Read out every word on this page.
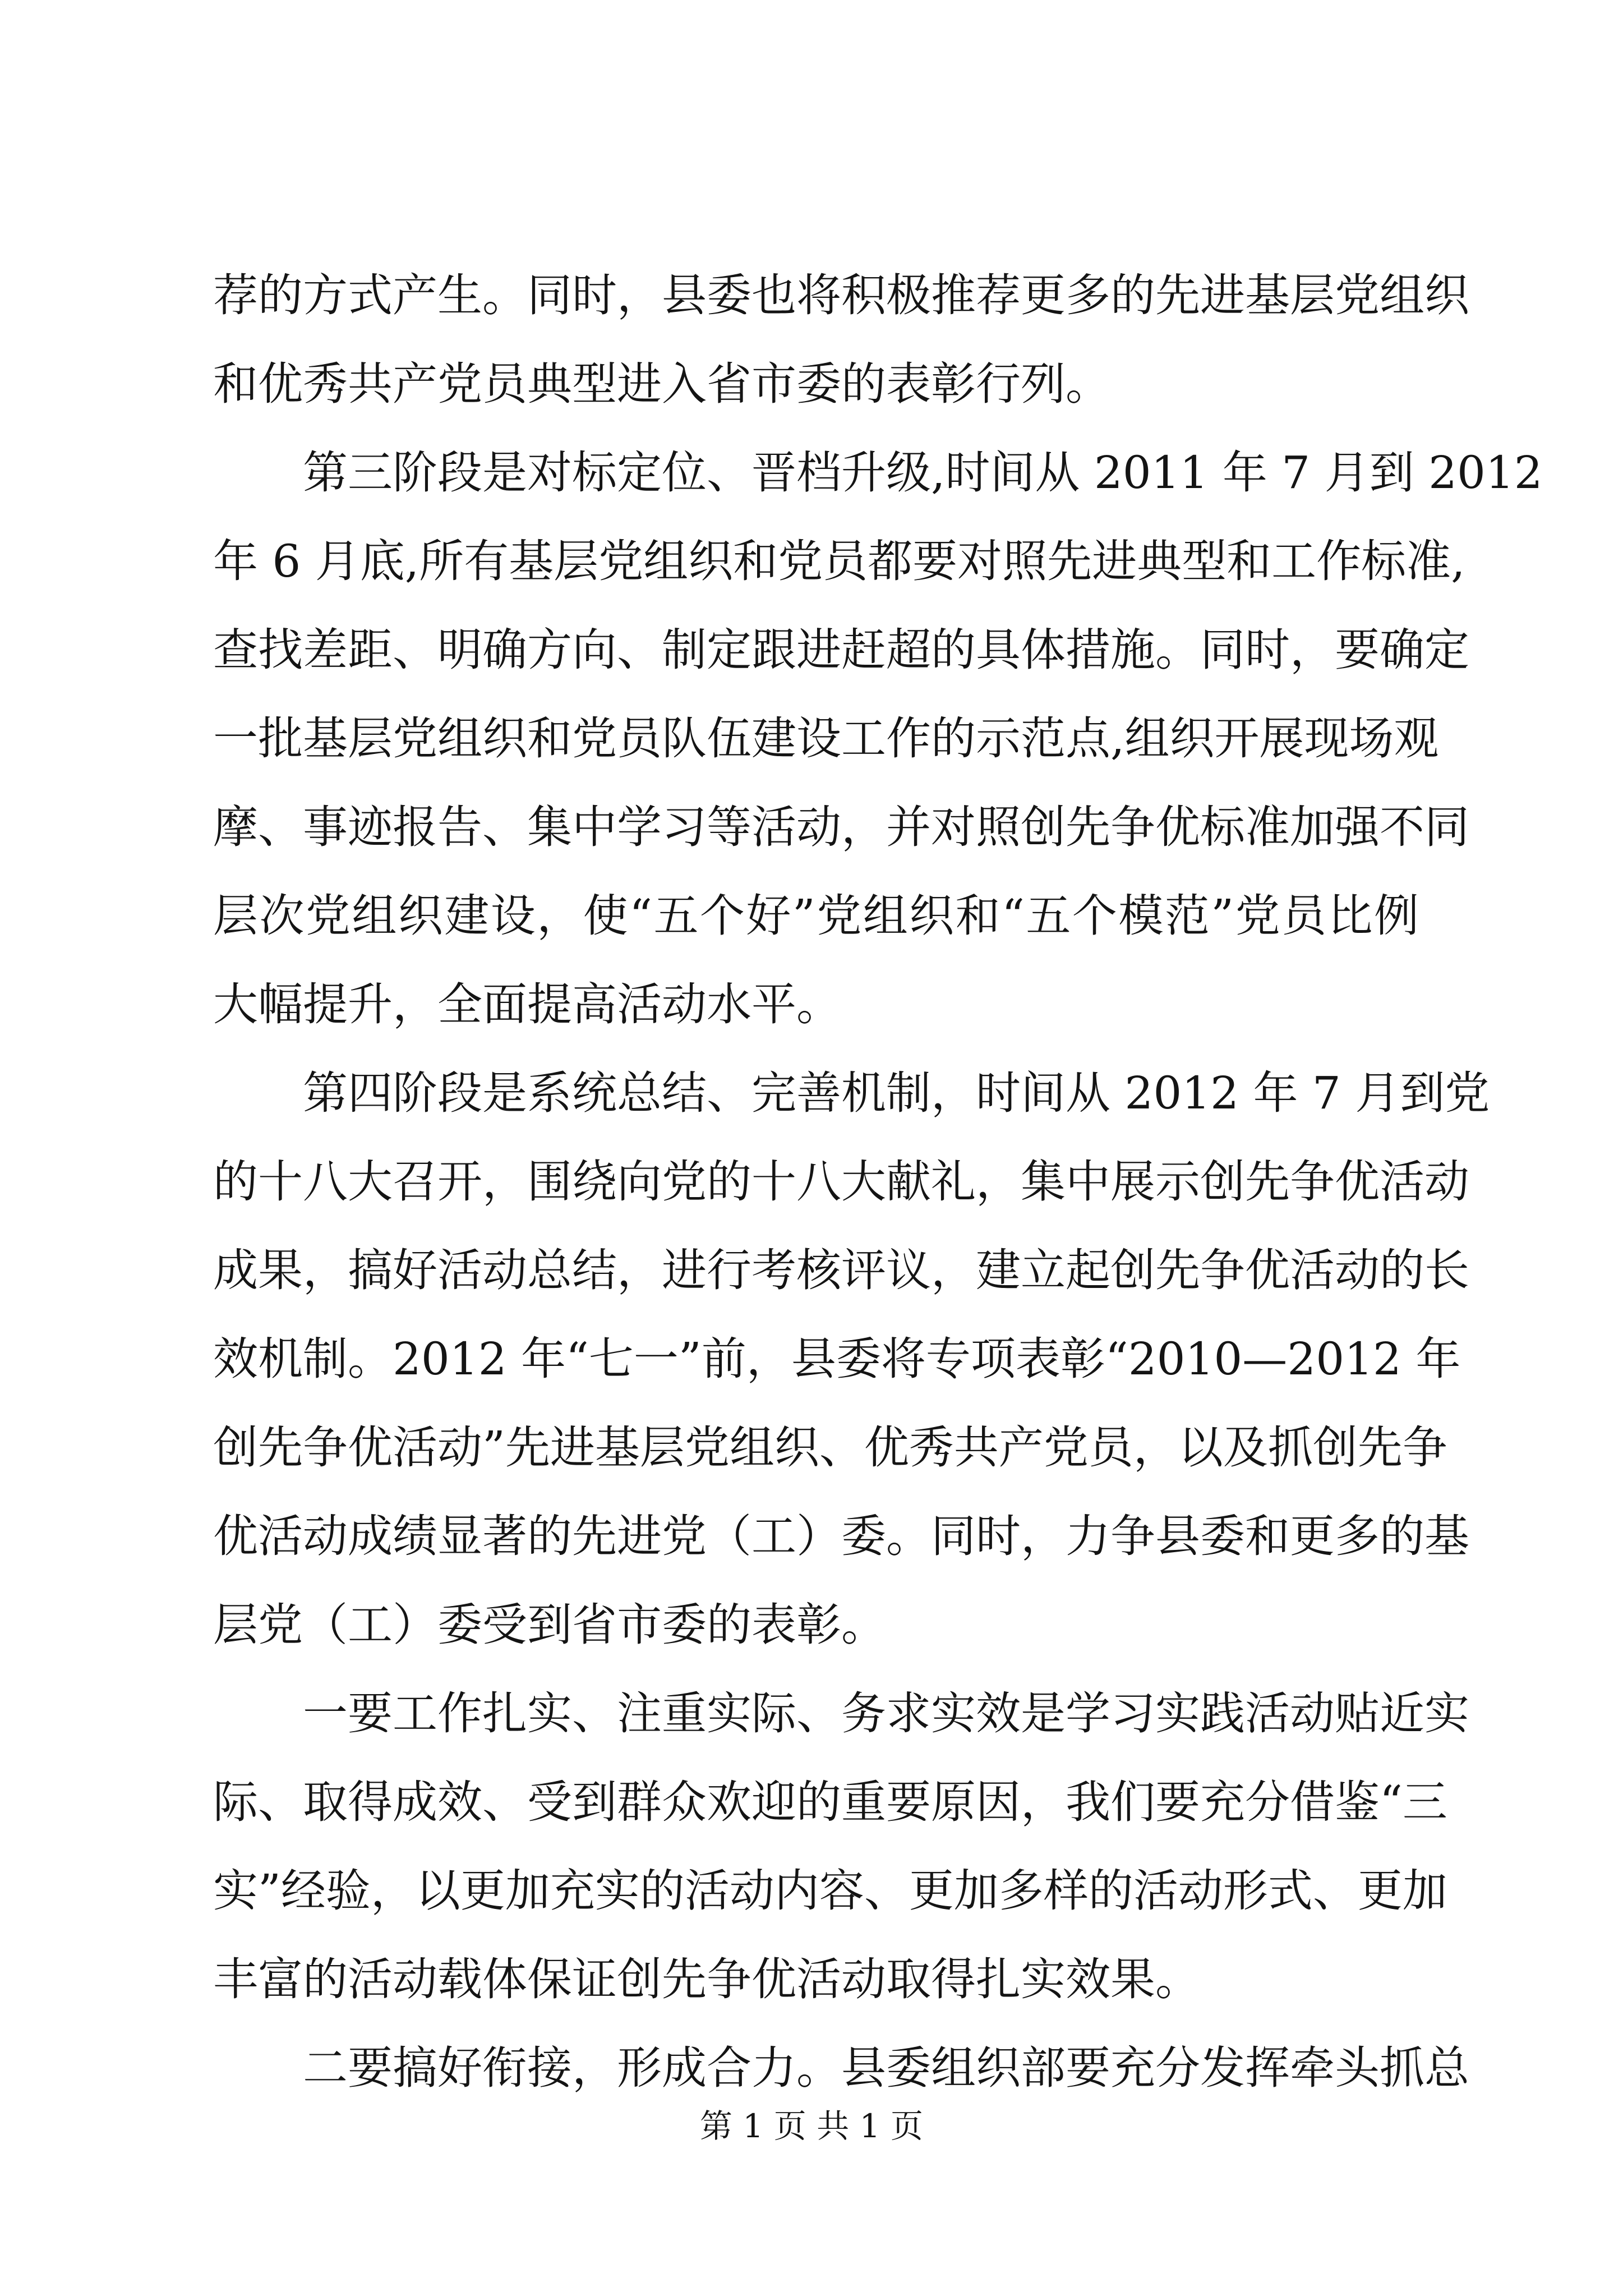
荐的方式产生。同时，县委也将积极推荐更多的先进基层党组织
和优秀共产党员典型进入省市委的表彰行列。
第三阶段是对标定位、晋档升级,时间从 2011 年 7 月到 2012
年 6 月底,所有基层党组织和党员都要对照先进典型和工作标准,
查找差距、明确方向、制定跟进赶超的具体措施。同时，要确定
一批基层党组织和党员队伍建设工作的示范点,组织开展现场观
摩、事迹报告、集中学习等活动，并对照创先争优标准加强不同
层次党组织建设，使“五个好”党组织和“五个模范”党员比例
大幅提升，全面提高活动水平。
第四阶段是系统总结、完善机制，时间从 2012 年 7 月到党
的十八大召开，围绕向党的十八大献礼，集中展示创先争优活动
成果，搞好活动总结，进行考核评议，建立起创先争优活动的长
效机制。2012 年“七一”前，县委将专项表彰“2010—2012 年
创先争优活动”先进基层党组织、优秀共产党员，以及抓创先争
优活动成绩显著的先进党（工）委。同时，力争县委和更多的基
层党（工）委受到省市委的表彰。
一要工作扎实、注重实际、务求实效是学习实践活动贴近实
际、取得成效、受到群众欢迎的重要原因，我们要充分借鉴“三
实”经验，以更加充实的活动内容、更加多样的活动形式、更加
丰富的活动载体保证创先争优活动取得扎实效果。
二要搞好衔接，形成合力。县委组织部要充分发挥牵头抓总
第 1 页 共 1 页
